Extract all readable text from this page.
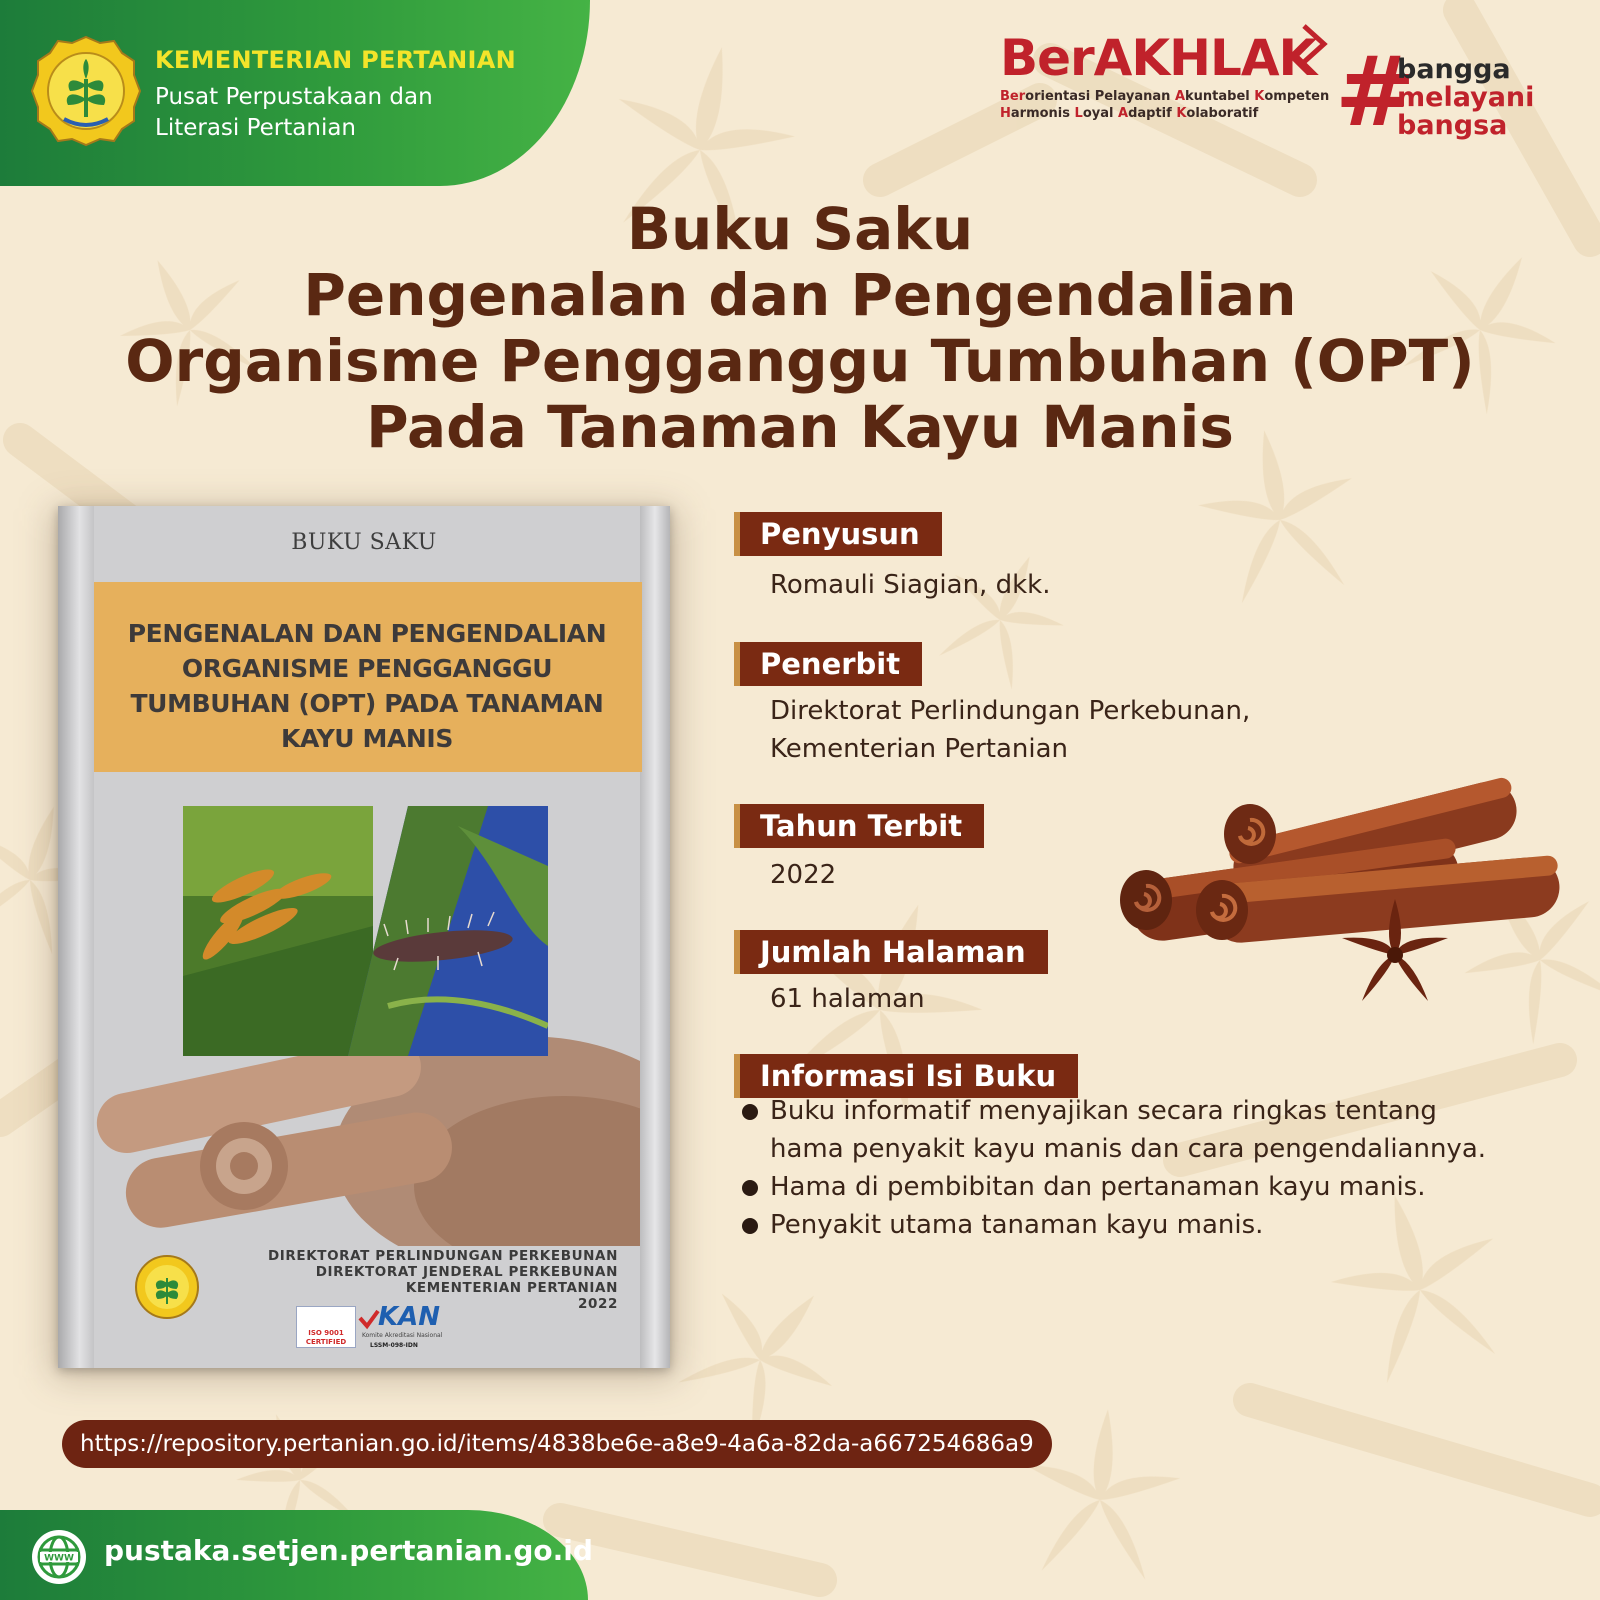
KEMENTERIAN PERTANIAN
Pusat Perpustakaan dan
Literasi Pertanian
BerAKHLAK
Berorientasi Pelayanan Akuntabel Kompeten
Harmonis Loyal Adaptif Kolaboratif #
bangga
melayani
bangsa
Buku Saku
Pengenalan dan Pengendalian
Organisme Pengganggu Tumbuhan (OPT)
Pada Tanaman Kayu Manis
BUKU SAKU
PENGENALAN DAN PENGENDALIAN
ORGANISME PENGGANGGU
TUMBUHAN (OPT) PADA TANAMAN
KAYU MANIS
DIREKTORAT PERLINDUNGAN PERKEBUNAN
DIREKTORAT JENDERAL PERKEBUNAN
KEMENTERIAN PERTANIAN
2022
ISO 9001 CERTIFIED
KAN
Komite Akreditasi Nasional
LSSM-098-IDN
Penyusun
Romauli Siagian, dkk.
Penerbit
Direktorat Perlindungan Perkebunan,
Kementerian Pertanian
Tahun Terbit
2022
Jumlah Halaman
61 halaman
Informasi Isi Buku
Buku informatif menyajikan secara ringkas tentang
hama penyakit kayu manis dan cara pengendaliannya.
Hama di pembibitan dan pertanaman kayu manis.
Penyakit utama tanaman kayu manis.
https://repository.pertanian.go.id/items/4838be6e-a8e9-4a6a-82da-a667254686a9
WWW pustaka.setjen.pertanian.go.id
